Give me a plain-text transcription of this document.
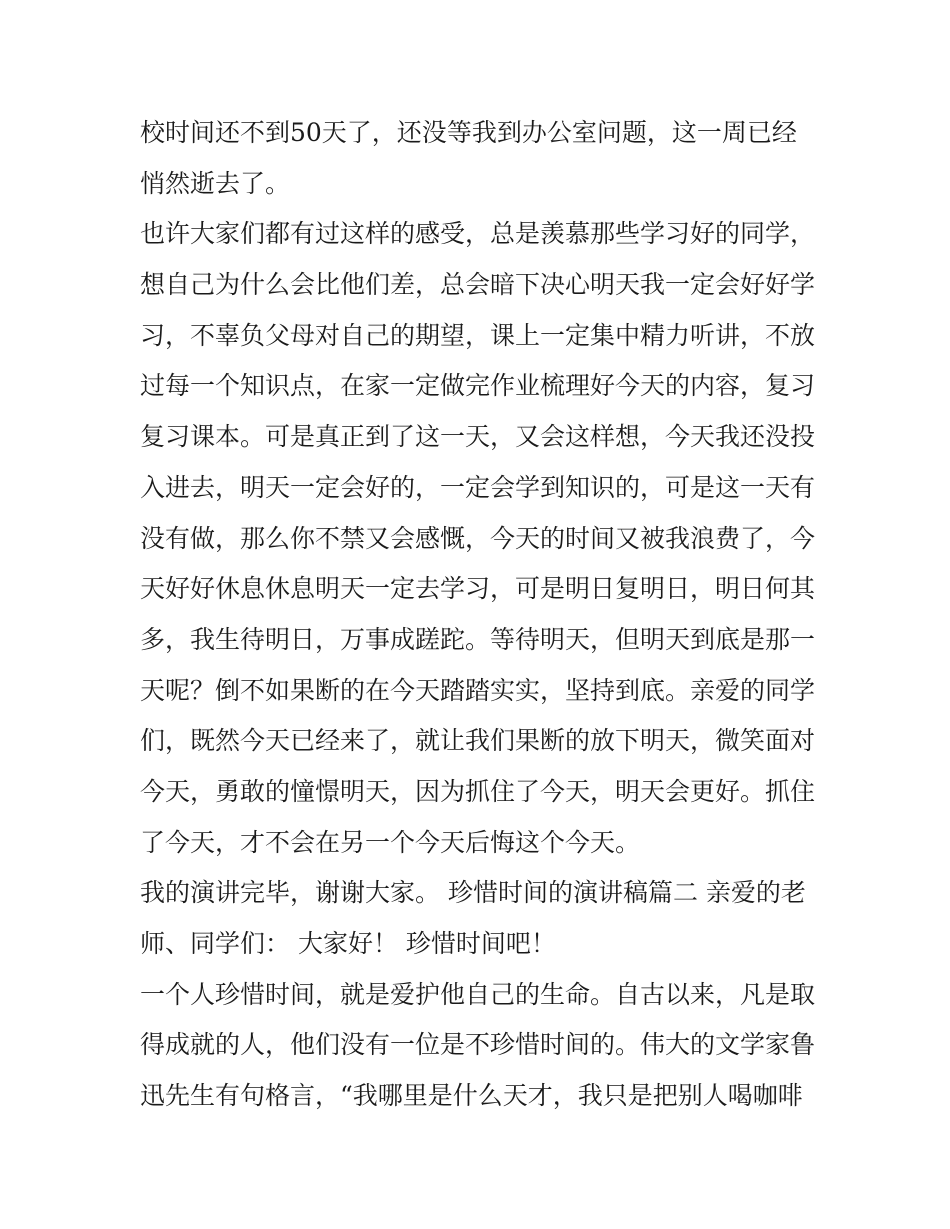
校时间还不到50天了，还没等我到办公室问题，这一周已经
悄然逝去了。
也许大家们都有过这样的感受，总是羡慕那些学习好的同学，
想自己为什么会比他们差，总会暗下决心明天我一定会好好学
习，不辜负父母对自己的期望，课上一定集中精力听讲，不放
过每一个知识点，在家一定做完作业梳理好今天的内容，复习
复习课本。可是真正到了这一天，又会这样想，今天我还没投
入进去，明天一定会好的，一定会学到知识的，可是这一天有
没有做，那么你不禁又会感慨，今天的时间又被我浪费了，今
天好好休息休息明天一定去学习，可是明日复明日，明日何其
多，我生待明日，万事成蹉跎。等待明天，但明天到底是那一
天呢？倒不如果断的在今天踏踏实实，坚持到底。亲爱的同学
们，既然今天已经来了，就让我们果断的放下明天，微笑面对
今天，勇敢的憧憬明天，因为抓住了今天，明天会更好。抓住
了今天，才不会在另一个今天后悔这个今天。
我的演讲完毕，谢谢大家。 珍惜时间的演讲稿篇二 亲爱的老
师、同学们： 大家好！ 珍惜时间吧！
一个人珍惜时间，就是爱护他自己的生命。自古以来，凡是取
得成就的人，他们没有一位是不珍惜时间的。伟大的文学家鲁
迅先生有句格言，“我哪里是什么天才，我只是把别人喝咖啡
